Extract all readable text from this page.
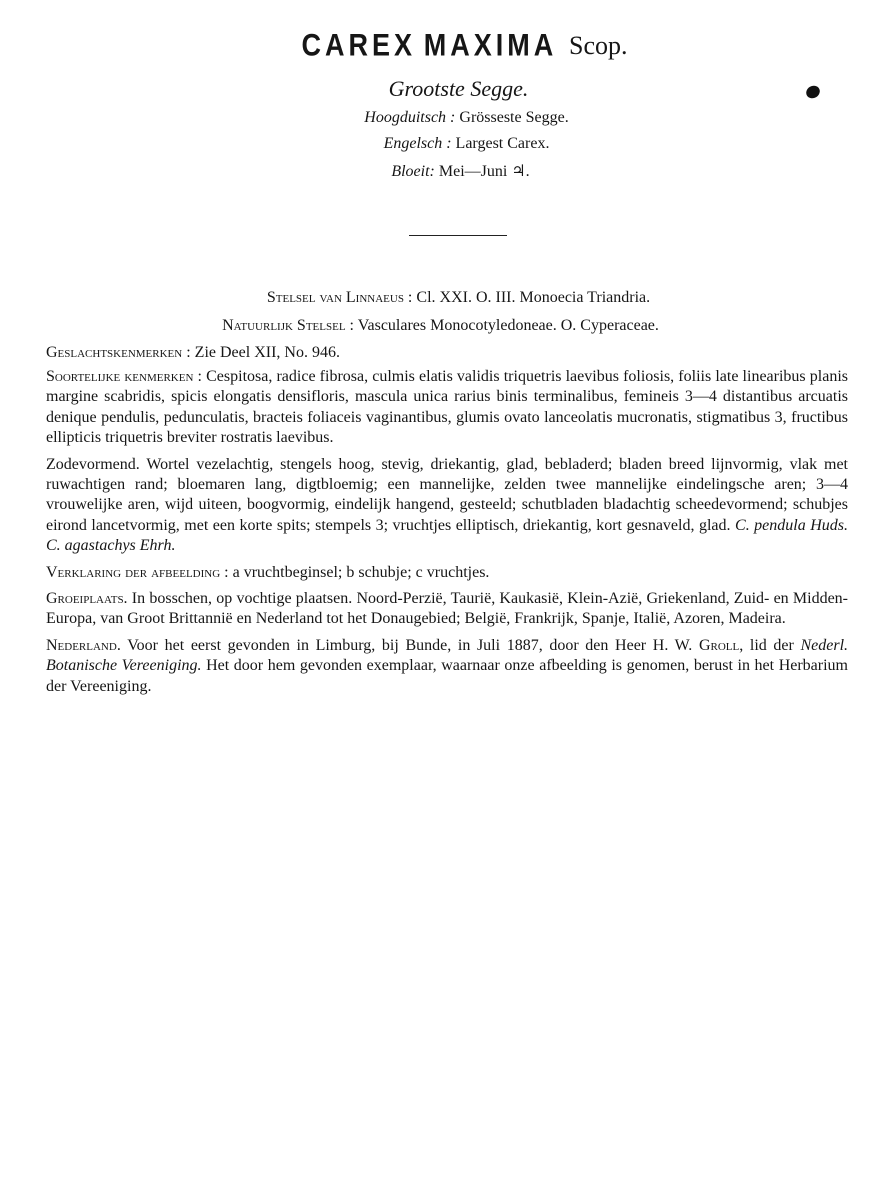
CAREX MAXIMA Scop.
Grootste Segge.
Hoogduitsch : Grösseste Segge.
Engelsch : Largest Carex.
Bloeit: Mei—Juni ♃.
Stelsel van Linnaeus : Cl. XXI. O. III. Monoecia Triandria.
Natuurlijk Stelsel : Vasculares Monocotyledoneae. O. Cyperaceae.
Geslachtskenmerken : Zie Deel XII, No. 946.

Soortelijke kenmerken : Cespitosa, radice fibrosa, culmis elatis validis triquetris laevibus foliosis, foliis late linearibus planis margine scabridis, spicis elongatis densifloris, mascula unica rarius binis terminalibus, femineis 3—4 distantibus arcuatis denique pendulis, pedunculatis, bracteis foliaceis vaginantibus, glumis ovato lanceolatis mucronatis, stigmatibus 3, fructibus ellipticis triquetris breviter rostratis laevibus.

Zodevormend. Wortel vezelachtig, stengels hoog, stevig, driekantig, glad, bebladerd; bladen breed lijnvormig, vlak met ruwachtigen rand; bloemaren lang, digtbloemig; een mannelijke, zelden twee mannelijke eindelingsche aren; 3—4 vrouwelijke aren, wijd uiteen, boogvormig, eindelijk hangend, gesteeld; schutbladen bladachtig scheedevormend; schubjes eirond lancetvormig, met een korte spits; stempels 3; vruchtjes elliptisch, driekantig, kort gesnaveld, glad. C. pendula Huds. C. agastachys Ehrh.

Verklaring der afbeelding : a vruchtbeginsel; b schubje; c vruchtjes.

Groeiplaats. In bosschen, op vochtige plaatsen. Noord-Perzië, Taurië, Kaukasië, Klein-Azië, Griekenland, Zuid- en Midden-Europa, van Groot Brittannië en Nederland tot het Donaugebied; België, Frankrijk, Spanje, Italië, Azoren, Madeira.

Nederland. Voor het eerst gevonden in Limburg, bij Bunde, in Juli 1887, door den Heer H. W. Groll, lid der Nederl. Botanische Vereeniging. Het door hem gevonden exemplaar, waarnaar onze afbeelding is genomen, berust in het Herbarium der Vereeniging.
